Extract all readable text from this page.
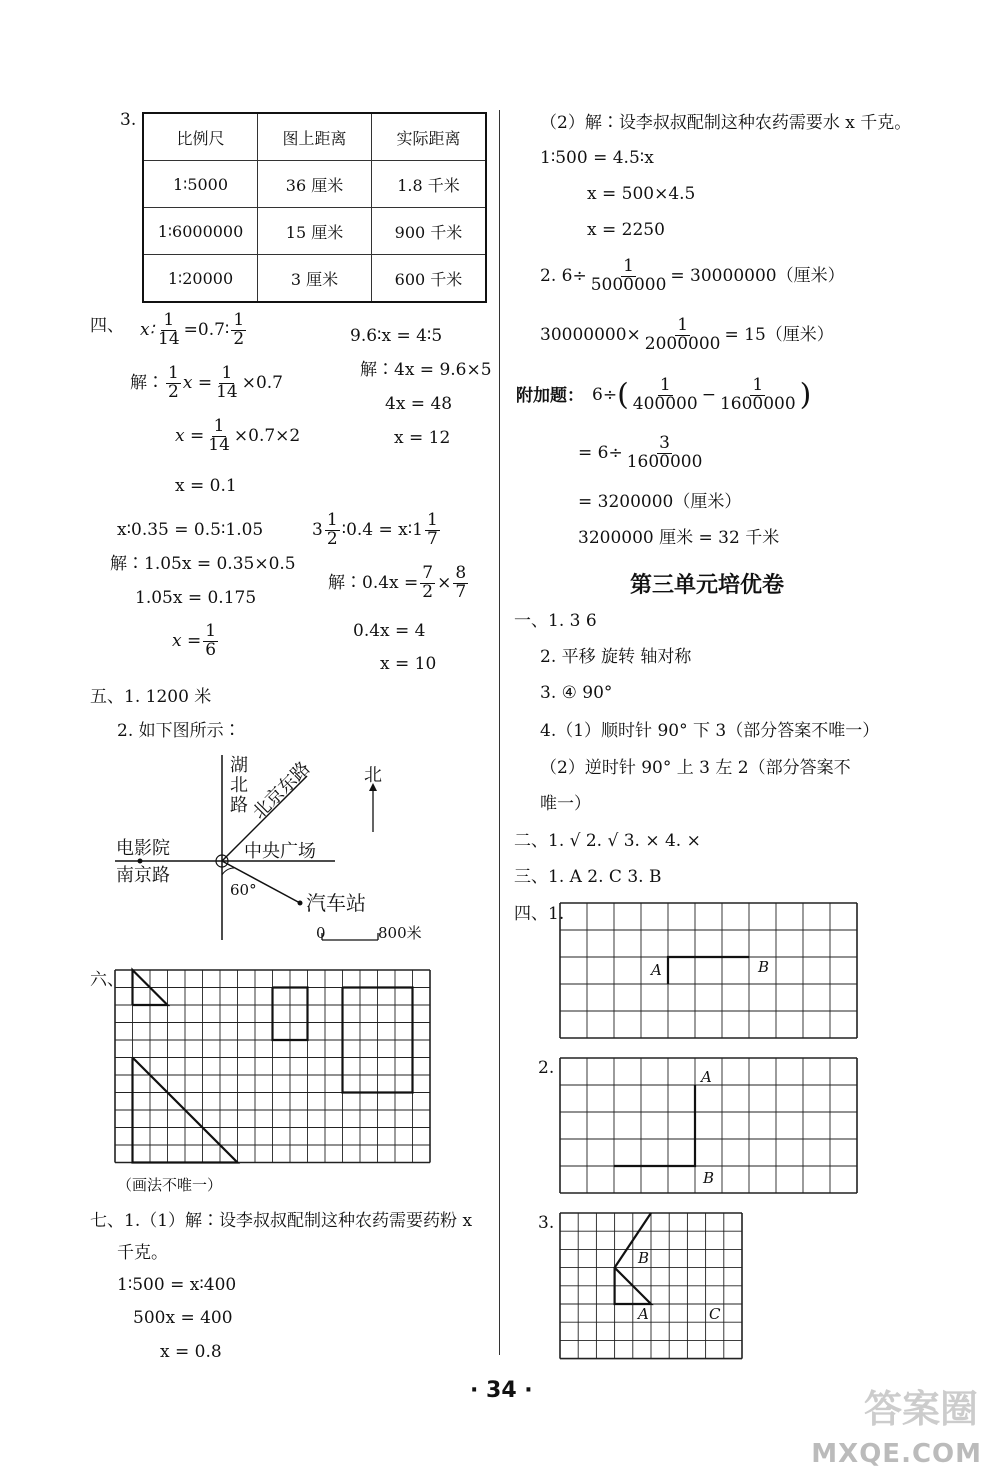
3.
比例尺	图上距离	实际距离
1∶5000	36 厘米	1.8 千米
1∶6000000	15 厘米	900 千米
1∶20000	3 厘米	600 千米
四、 x∶ $\frac{1}{14}$ =0.7∶ $\frac{1}{2}$
解∶ $\frac{1}{2}$ $x = \frac{1}{14} \times 0.7$
$x = \frac{1}{14} \times 0.7\times 2$
x = 0.1
9.6∶x = 4∶5
解∶4x = 9.6×5
4x = 48
x = 12
x∶0.35 = 0.5∶1.05
解∶1.05x = 0.35×0.5
1.05x = 0.175
$x = \frac{1}{6}$
$3 \frac{1}{2}$ ∶0.4 = x∶1 $\frac{1}{7}$
解∶0.4x = $\frac{7}{2} \times \frac{8}{7}$
0.4x = 4
x = 10
五、1. 1200 米
2. 如下图所示∶
湖
北
路 北京东路	北
电影院
南京路
中央广场
60°
汽车站
0	800米
六、
（画法不唯一）
七、1.（1）解∶设李叔叔配制这种农药需要药粉 x
千克。
1∶500 = x∶400
500x = 400
x = 0.8
（2）解∶设李叔叔配制这种农药需要水 x 千克。
1∶500 = 4.5∶x
x = 500×4.5
x = 2250
2. $6\div \frac{1}{5000000} = 30000000$（厘米）
$30000000\times \frac{1}{2000000} = 15$（厘米）
附加题： $6\div( \frac{1}{400000} - \frac{1}{1600000}$ )
= $6\div \frac{3}{1600000}$
= 3200000（厘米）
3200000 厘米 = 32 千米
第三单元培优卷
一、1. 3 6
2. 平移 旋转 轴对称
3. ④ 90°
4.（1）顺时针 90° 下 3（部分答案不唯一）
（2）逆时针 90° 上 3 左 2（部分答案不
唯一）
二、1. √ 2. √ 3. × 4. ×
三、1. A 2. C 3. B
四、1.
2.
3.
A	B
A
B
B
A	C
· 34 ·	答案圈
MXQE.COM
